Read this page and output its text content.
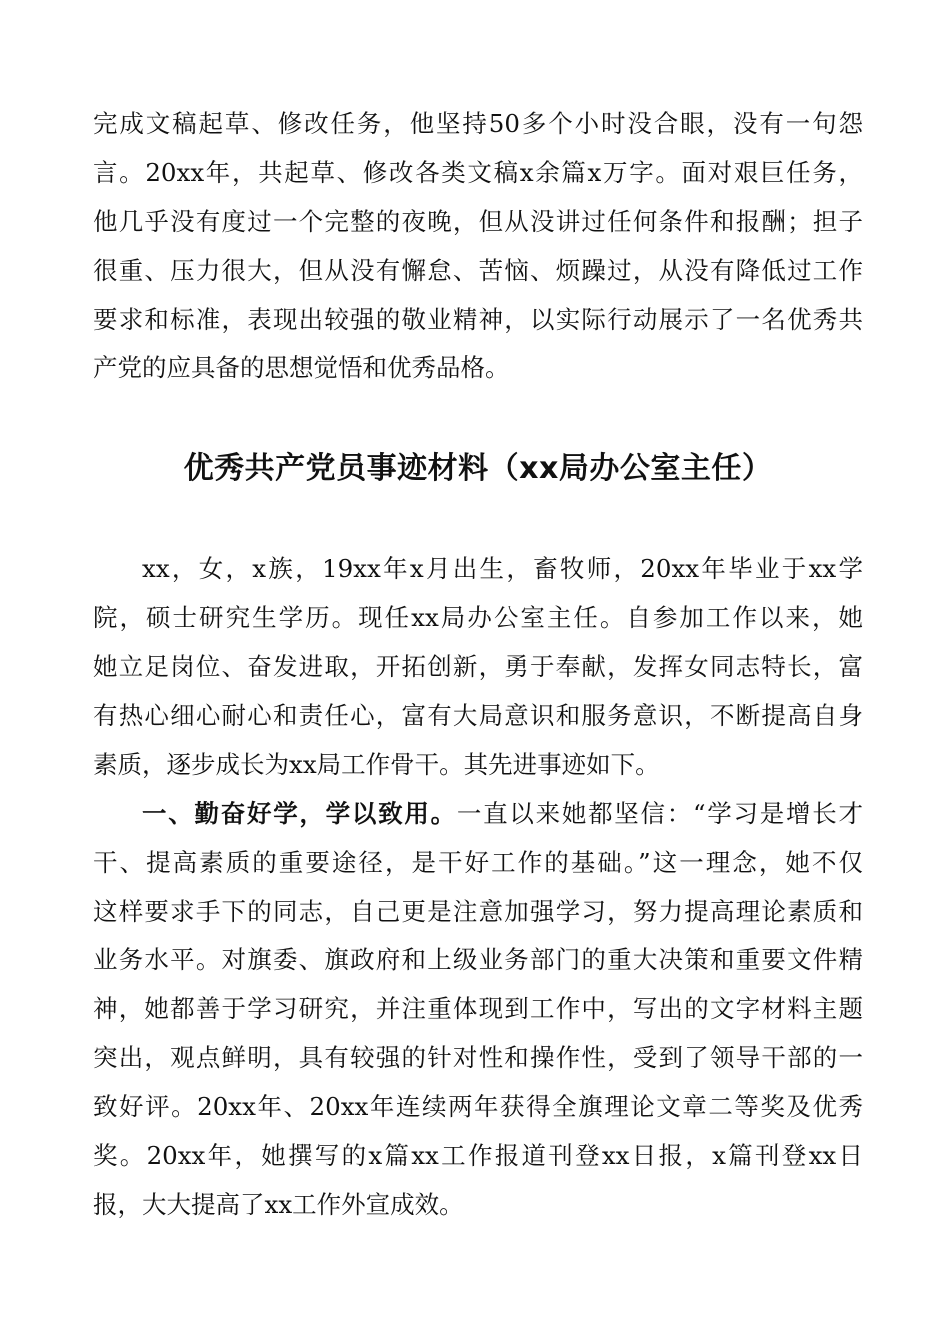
完成文稿起草、修改任务，他坚持50多个小时没合眼，没有一句怨
言。20xx年，共起草、修改各类文稿x余篇x万字。面对艰巨任务，
他几乎没有度过一个完整的夜晚，但从没讲过任何条件和报酬；担子
很重、压力很大，但从没有懈怠、苦恼、烦躁过，从没有降低过工作
要求和标准，表现出较强的敬业精神，以实际行动展示了一名优秀共
产党的应具备的思想觉悟和优秀品格。
优秀共产党员事迹材料（xx局办公室主任）
xx，女，x族，19xx年x月出生，畜牧师，20xx年毕业于xx学
院，硕士研究生学历。现任xx局办公室主任。自参加工作以来，她
她立足岗位、奋发进取，开拓创新，勇于奉献，发挥女同志特长，富
有热心细心耐心和责任心，富有大局意识和服务意识，不断提高自身
素质，逐步成长为xx局工作骨干。其先进事迹如下。
一、勤奋好学，学以致用。一直以来她都坚信：“学习是增长才
干、提高素质的重要途径，是干好工作的基础。”这一理念，她不仅
这样要求手下的同志，自己更是注意加强学习，努力提高理论素质和
业务水平。对旗委、旗政府和上级业务部门的重大决策和重要文件精
神，她都善于学习研究，并注重体现到工作中，写出的文字材料主题
突出，观点鲜明，具有较强的针对性和操作性，受到了领导干部的一
致好评。20xx年、20xx年连续两年获得全旗理论文章二等奖及优秀
奖。20xx年，她撰写的x篇xx工作报道刊登xx日报，x篇刊登xx日
报，大大提高了xx工作外宣成效。
